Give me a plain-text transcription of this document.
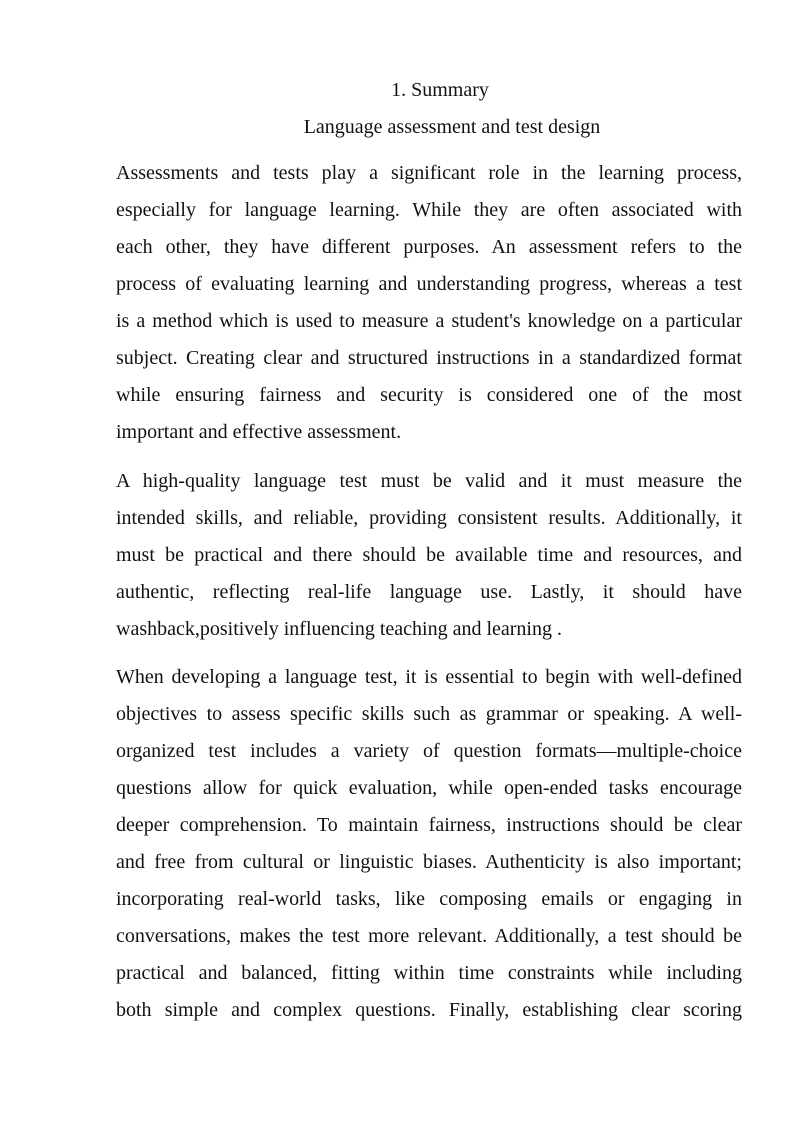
1. Summary
Language assessment and test design
Assessments and tests play a significant role in the learning process,
especially for language learning. While they are often associated with
each other, they have different purposes. An assessment refers to the
process of evaluating learning and understanding progress, whereas a test
is a method which is used to measure a student's knowledge on a particular
subject. Creating clear and structured instructions in a standardized format
while ensuring fairness and security is considered one of the most
important and effective assessment.
A high-quality language test must be valid and it must measure the
intended skills, and reliable, providing consistent results. Additionally, it
must be practical and there should be available time and resources, and
authentic, reflecting real-life language use. Lastly, it should have
washback,positively influencing teaching and learning .
When developing a language test, it is essential to begin with well-defined
objectives to assess specific skills such as grammar or speaking. A well-
organized test includes a variety of question formats—multiple-choice
questions allow for quick evaluation, while open-ended tasks encourage
deeper comprehension. To maintain fairness, instructions should be clear
and free from cultural or linguistic biases. Authenticity is also important;
incorporating real-world tasks, like composing emails or engaging in
conversations, makes the test more relevant. Additionally, a test should be
practical and balanced, fitting within time constraints while including
both simple and complex questions. Finally, establishing clear scoring
